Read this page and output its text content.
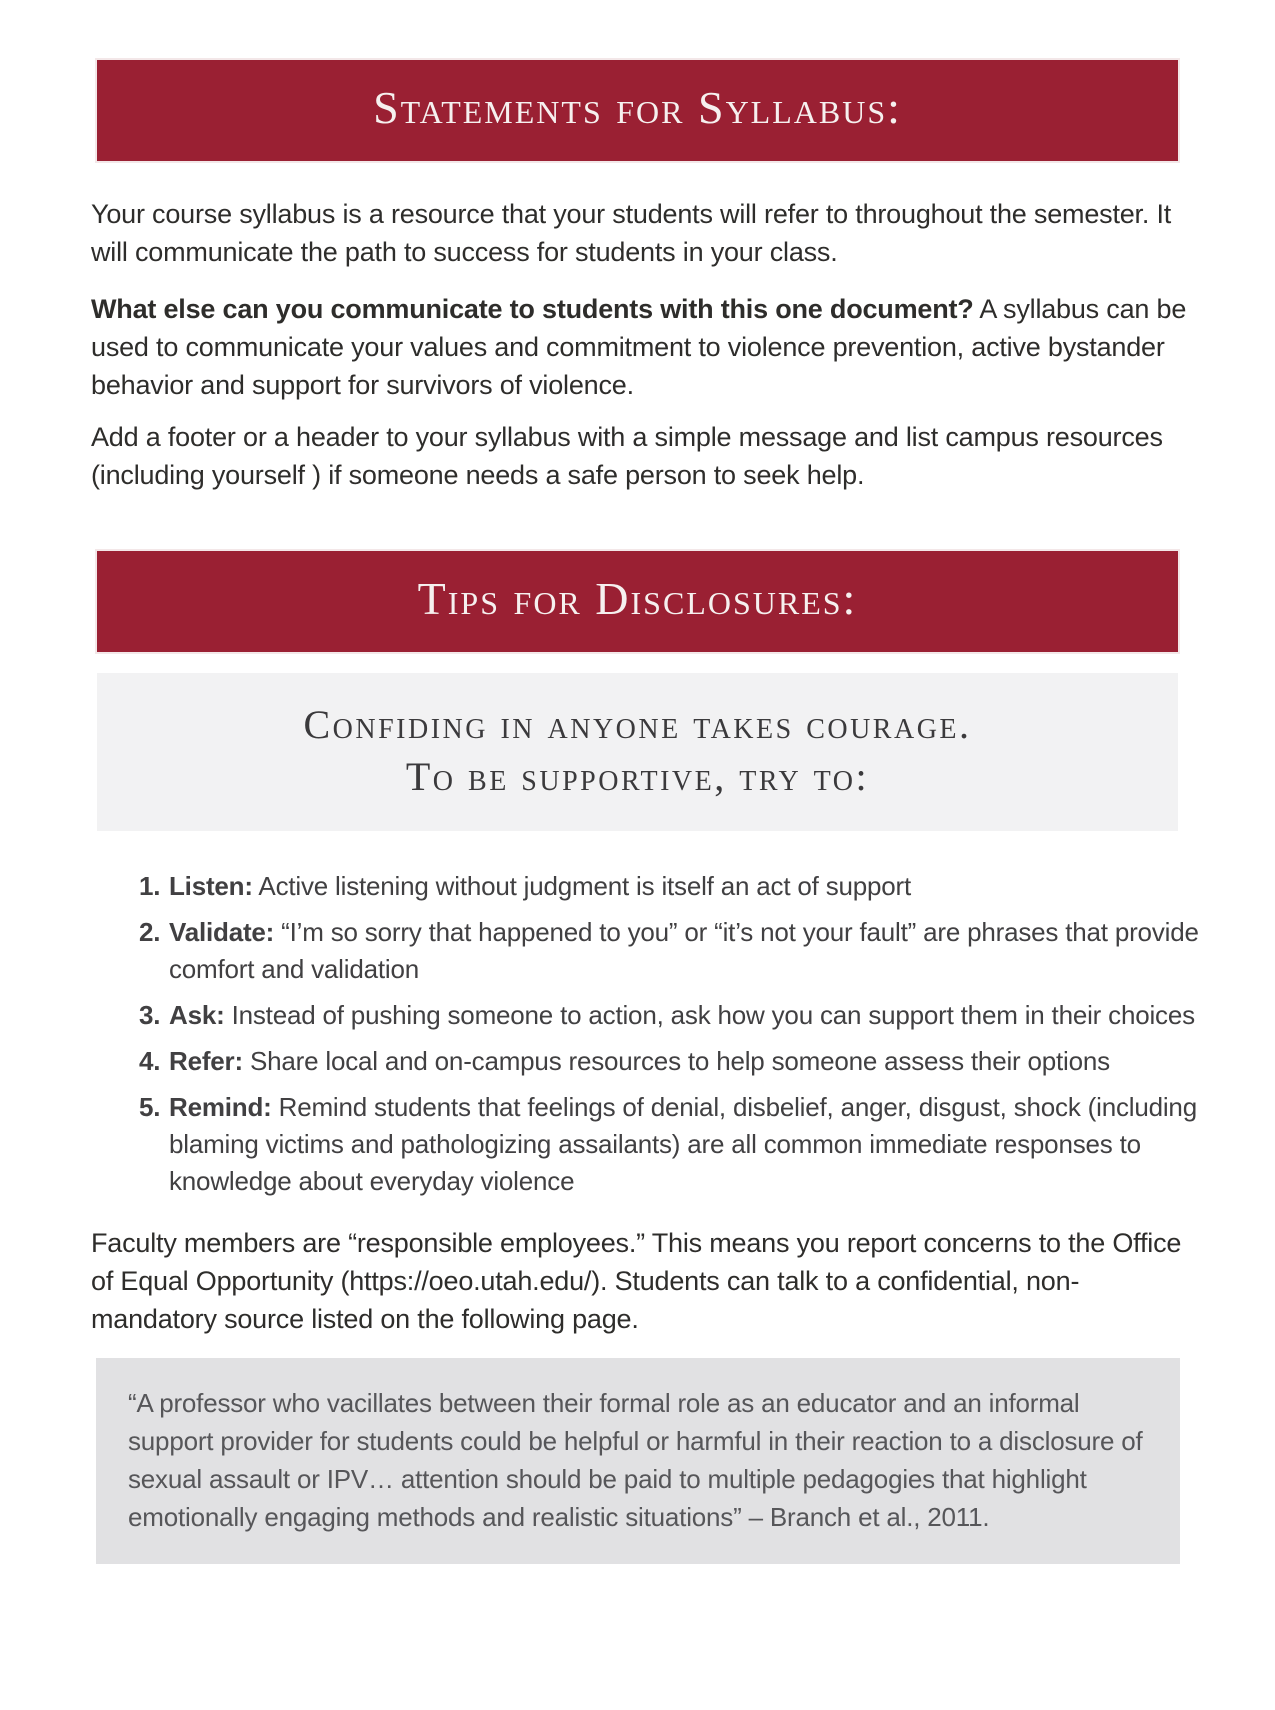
Statements for Syllabus:
Your course syllabus is a resource that your students will refer to throughout the semester. It will communicate the path to success for students in your class.
What else can you communicate to students with this one document? A syllabus can be used to communicate your values and commitment to violence prevention, active bystander behavior and support for survivors of violence.
Add a footer or a header to your syllabus with a simple message and list campus resources (including yourself ) if someone needs a safe person to seek help.
Tips for Disclosures:
Confiding in anyone takes courage.
To be supportive, try to:
1. Listen: Active listening without judgment is itself an act of support
2. Validate: “I’m so sorry that happened to you” or “it’s not your fault” are phrases that provide comfort and validation
3. Ask: Instead of pushing someone to action, ask how you can support them in their choices
4. Refer: Share local and on-campus resources to help someone assess their options
5. Remind: Remind students that feelings of denial, disbelief, anger, disgust, shock (including blaming victims and pathologizing assailants) are all common immediate responses to knowledge about everyday violence
Faculty members are “responsible employees.” This means you report concerns to the Office of Equal Opportunity (https://oeo.utah.edu/). Students can talk to a confidential, non-mandatory source listed on the following page.
“A professor who vacillates between their formal role as an educator and an informal support provider for students could be helpful or harmful in their reaction to a disclosure of sexual assault or IPV… attention should be paid to multiple pedagogies that highlight emotionally engaging methods and realistic situations” – Branch et al., 2011.
